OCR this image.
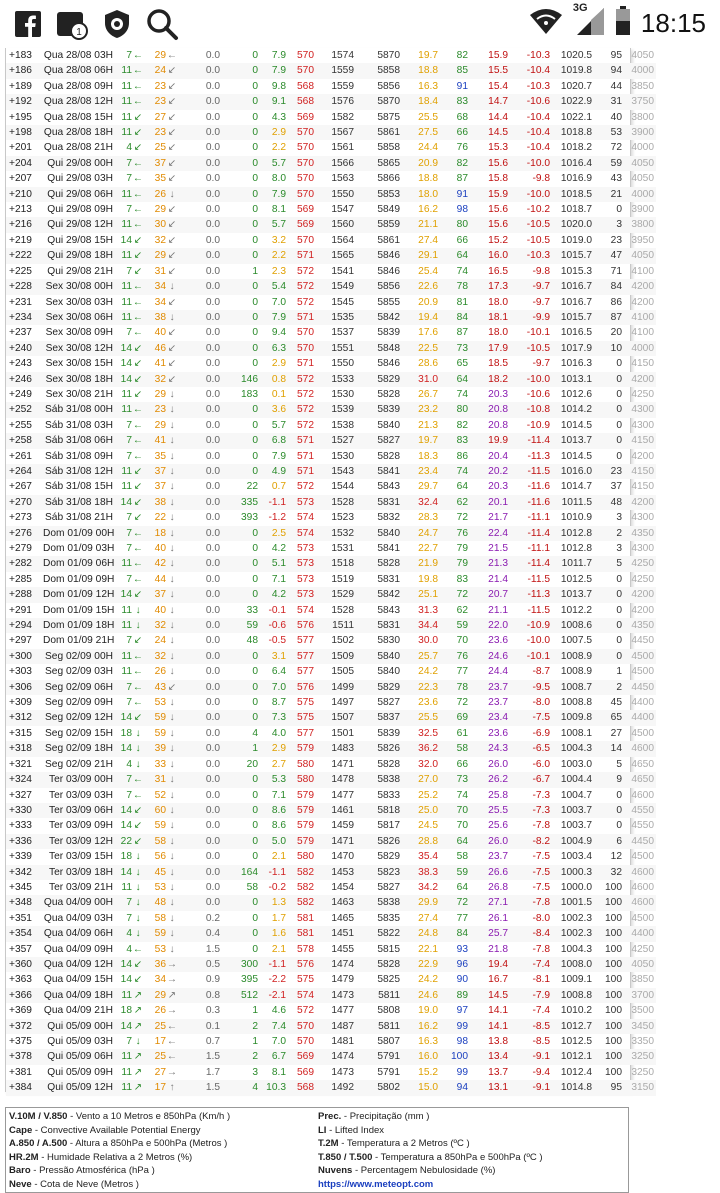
1
3G 18:15
+183	Qua 28/08 03H	7	←	29	←	0.0	0	7.9	570	1574	5870	19.7	82	15.9	-10.3	1020.5	95	4050
+186	Qua 28/08 06H	11	←	24	↙	0.0	0	7.9	570	1559	5858	18.8	85	15.5	-10.4	1019.8	94	4000
+189	Qua 28/08 09H	11	←	23	↙	0.0	0	9.8	568	1559	5856	16.3	91	15.4	-10.3	1020.7	44	3850
+192	Qua 28/08 12H	11	←	23	↙	0.0	0	9.1	568	1576	5870	18.4	83	14.7	-10.6	1022.9	31	3750
+195	Qua 28/08 15H	11	↙	27	↙	0.0	0	4.3	569	1582	5875	25.5	68	14.4	-10.4	1022.1	40	3800
+198	Qua 28/08 18H	11	↙	23	↙	0.0	0	2.9	570	1567	5861	27.5	66	14.5	-10.4	1018.8	53	3900
+201	Qua 28/08 21H	4	↙	25	↙	0.0	0	2.2	570	1561	5858	24.4	76	15.3	-10.4	1018.2	72	4000
+204	Qui 29/08 00H	7	←	37	↙	0.0	0	5.7	570	1566	5865	20.9	82	15.6	-10.0	1016.4	59	4050
+207	Qui 29/08 03H	7	←	35	↙	0.0	0	8.0	570	1563	5866	18.8	87	15.8	-9.8	1016.9	43	4050
+210	Qui 29/08 06H	11	←	26	↓	0.0	0	7.9	570	1550	5853	18.0	91	15.9	-10.0	1018.5	21	4000
+213	Qui 29/08 09H	7	←	29	↙	0.0	0	8.1	569	1547	5849	16.2	98	15.6	-10.2	1018.7	0	3900
+216	Qui 29/08 12H	11	←	30	↙	0.0	0	5.7	569	1560	5859	21.1	80	15.6	-10.5	1020.0	3	3800
+219	Qui 29/08 15H	14	↙	32	↙	0.0	0	3.2	570	1564	5861	27.4	66	15.2	-10.5	1019.0	23	3950
+222	Qui 29/08 18H	11	↙	29	↙	0.0	0	2.2	571	1565	5846	29.1	64	16.0	-10.3	1015.7	47	4050
+225	Qui 29/08 21H	7	↙	31	↙	0.0	1	2.3	572	1541	5846	25.4	74	16.5	-9.8	1015.3	71	4100
+228	Sex 30/08 00H	11	←	34	↓	0.0	0	5.4	572	1549	5856	22.6	78	17.3	-9.7	1016.7	84	4200
+231	Sex 30/08 03H	11	←	34	↙	0.0	0	7.0	572	1545	5855	20.9	81	18.0	-9.7	1016.7	86	4200
+234	Sex 30/08 06H	11	←	38	↓	0.0	0	7.9	571	1535	5842	19.4	84	18.1	-9.9	1015.7	87	4100
+237	Sex 30/08 09H	7	←	40	↙	0.0	0	9.4	570	1537	5839	17.6	87	18.0	-10.1	1016.5	20	4100
+240	Sex 30/08 12H	14	↙	46	↙	0.0	0	6.3	570	1551	5848	22.5	73	17.9	-10.5	1017.9	10	4000
+243	Sex 30/08 15H	14	↙	41	↙	0.0	0	2.9	571	1550	5846	28.6	65	18.5	-9.7	1016.3	0	4150
+246	Sex 30/08 18H	14	↙	32	↙	0.0	146	0.8	572	1533	5829	31.0	64	18.2	-10.0	1013.1	0	4200
+249	Sex 30/08 21H	11	↙	29	↓	0.0	183	0.1	572	1530	5828	26.7	74	20.3	-10.6	1012.6	0	4250
+252	Sáb 31/08 00H	11	←	23	↓	0.0	0	3.6	572	1539	5839	23.2	80	20.8	-10.8	1014.2	0	4300
+255	Sáb 31/08 03H	7	←	29	↓	0.0	0	5.7	572	1538	5840	21.3	82	20.8	-10.9	1014.5	0	4300
+258	Sáb 31/08 06H	7	←	41	↓	0.0	0	6.8	571	1527	5827	19.7	83	19.9	-11.4	1013.7	0	4150
+261	Sáb 31/08 09H	7	←	35	↓	0.0	0	7.9	571	1530	5828	18.3	86	20.4	-11.3	1014.5	0	4200
+264	Sáb 31/08 12H	11	↙	37	↓	0.0	0	4.9	571	1543	5841	23.4	74	20.2	-11.5	1016.0	23	4150
+267	Sáb 31/08 15H	11	↙	37	↓	0.0	22	0.7	572	1544	5843	29.7	64	20.3	-11.6	1014.7	37	4150
+270	Sáb 31/08 18H	14	↙	38	↓	0.0	335	-1.1	573	1528	5831	32.4	62	20.1	-11.6	1011.5	48	4200
+273	Sáb 31/08 21H	7	↙	22	↓	0.0	393	-1.2	574	1523	5832	28.3	72	21.7	-11.1	1010.9	3	4300
+276	Dom 01/09 00H	7	←	18	↓	0.0	0	2.5	574	1532	5840	24.7	76	22.4	-11.4	1012.8	2	4350
+279	Dom 01/09 03H	7	←	40	↓	0.0	0	4.2	573	1531	5841	22.7	79	21.5	-11.1	1012.8	3	4300
+282	Dom 01/09 06H	11	←	42	↓	0.0	0	5.1	573	1518	5828	21.9	79	21.3	-11.4	1011.7	5	4250
+285	Dom 01/09 09H	7	←	44	↓	0.0	0	7.1	573	1519	5831	19.8	83	21.4	-11.5	1012.5	0	4250
+288	Dom 01/09 12H	14	↙	37	↓	0.0	0	4.2	573	1529	5842	25.1	72	20.7	-11.3	1013.7	0	4200
+291	Dom 01/09 15H	11	↓	40	↓	0.0	33	-0.1	574	1528	5843	31.3	62	21.1	-11.5	1012.2	0	4200
+294	Dom 01/09 18H	11	↓	32	↓	0.0	59	-0.6	576	1511	5831	34.4	59	22.0	-10.9	1008.6	0	4350
+297	Dom 01/09 21H	7	↙	24	↓	0.0	48	-0.5	577	1502	5830	30.0	70	23.6	-10.0	1007.5	0	4450
+300	Seg 02/09 00H	11	←	32	↓	0.0	0	3.1	577	1509	5840	25.7	76	24.6	-10.1	1008.9	0	4500
+303	Seg 02/09 03H	11	←	26	↓	0.0	0	6.4	577	1505	5840	24.2	77	24.4	-8.7	1008.9	1	4500
+306	Seg 02/09 06H	7	←	43	↙	0.0	0	7.0	576	1499	5829	22.3	78	23.7	-9.5	1008.7	2	4450
+309	Seg 02/09 09H	7	←	53	↓	0.0	0	8.7	575	1497	5827	23.6	72	23.7	-8.0	1008.8	45	4400
+312	Seg 02/09 12H	14	↙	59	↓	0.0	0	7.3	575	1507	5837	25.5	69	23.4	-7.5	1009.8	65	4400
+315	Seg 02/09 15H	18	↓	59	↓	0.0	4	4.0	577	1501	5839	32.5	61	23.6	-6.9	1008.1	27	4500
+318	Seg 02/09 18H	14	↓	39	↓	0.0	1	2.9	579	1483	5826	36.2	58	24.3	-6.5	1004.3	14	4600
+321	Seg 02/09 21H	4	↓	33	↓	0.0	20	2.7	580	1471	5828	32.0	66	26.0	-6.0	1003.0	5	4650
+324	Ter 03/09 00H	7	←	31	↓	0.0	0	5.3	580	1478	5838	27.0	73	26.2	-6.7	1004.4	9	4650
+327	Ter 03/09 03H	7	←	52	↓	0.0	0	7.1	579	1477	5833	25.2	74	25.8	-7.3	1004.7	0	4600
+330	Ter 03/09 06H	14	↙	60	↓	0.0	0	8.6	579	1461	5818	25.0	70	25.5	-7.3	1003.7	0	4550
+333	Ter 03/09 09H	14	↙	59	↓	0.0	0	8.6	579	1459	5817	24.5	70	25.6	-7.8	1003.7	0	4550
+336	Ter 03/09 12H	22	↙	58	↓	0.0	0	5.0	579	1471	5826	28.8	64	26.0	-8.2	1004.9	6	4450
+339	Ter 03/09 15H	18	↓	56	↓	0.0	0	2.1	580	1470	5829	35.4	58	23.7	-7.5	1003.4	12	4500
+342	Ter 03/09 18H	14	↓	45	↓	0.0	164	-1.1	582	1453	5823	38.3	59	26.6	-7.5	1000.3	32	4600
+345	Ter 03/09 21H	11	↓	53	↓	0.0	58	-0.2	582	1454	5827	34.2	64	26.8	-7.5	1000.0	100	4600
+348	Qua 04/09 00H	7	↓	48	↓	0.0	0	1.3	582	1463	5838	29.9	72	27.1	-7.8	1001.5	100	4600
+351	Qua 04/09 03H	7	↓	58	↓	0.2	0	1.7	581	1465	5835	27.4	77	26.1	-8.0	1002.3	100	4500
+354	Qua 04/09 06H	4	↓	59	↓	0.4	0	1.6	581	1451	5822	24.8	84	25.7	-8.4	1002.3	100	4400
+357	Qua 04/09 09H	4	←	53	↓	1.5	0	2.1	578	1455	5815	22.1	93	21.8	-7.8	1004.3	100	4250
+360	Qua 04/09 12H	14	↙	36	→	0.5	300	-1.1	576	1474	5828	22.9	96	19.4	-7.4	1008.0	100	4050
+363	Qua 04/09 15H	14	↙	34	→	0.9	395	-2.2	575	1479	5825	24.2	90	16.7	-8.1	1009.1	100	3850
+366	Qua 04/09 18H	11	↗	29	↗	0.8	512	-2.1	574	1473	5811	24.6	89	14.5	-7.9	1008.8	100	3700
+369	Qua 04/09 21H	18	↗	26	→	0.3	1	4.6	572	1477	5808	19.0	97	14.1	-7.4	1010.2	100	3500
+372	Qui 05/09 00H	14	↗	25	←	0.1	2	7.4	570	1487	5811	16.2	99	14.1	-8.5	1012.7	100	3450
+375	Qui 05/09 03H	7	↓	17	←	0.7	1	7.0	570	1481	5807	16.3	98	13.8	-8.5	1012.5	100	3350
+378	Qui 05/09 06H	11	↗	25	←	1.5	2	6.7	569	1474	5791	16.0	100	13.4	-9.1	1012.1	100	3250
+381	Qui 05/09 09H	11	↗	27	→	1.7	3	8.1	569	1473	5791	15.2	99	13.7	-9.4	1012.4	100	3250
+384	Qui 05/09 12H	11	↗	17	↑	1.5	4	10.3	568	1492	5802	15.0	94	13.1	-9.1	1014.8	95	3150
V.10M / V.850 - Vento a 10 Metros e 850hPa (Km/h )
Cape - Convective Available Potential Energy
A.850 / A.500 - Altura a 850hPa e 500hPa (Metros )
HR.2M - Humidade Relativa a 2 Metros (%)
Baro - Pressão Atmosférica (hPa )
Neve - Cota de Neve (Metros )
Prec. - Precipitação (mm )
LI - Lifted Index
T.2M - Temperatura a 2 Metros (ºC )
T.850 / T.500 - Temperatura a 850hPa e 500hPa (ºC )
Nuvens - Percentagem Nebulosidade (%)
https://www.meteopt.com
